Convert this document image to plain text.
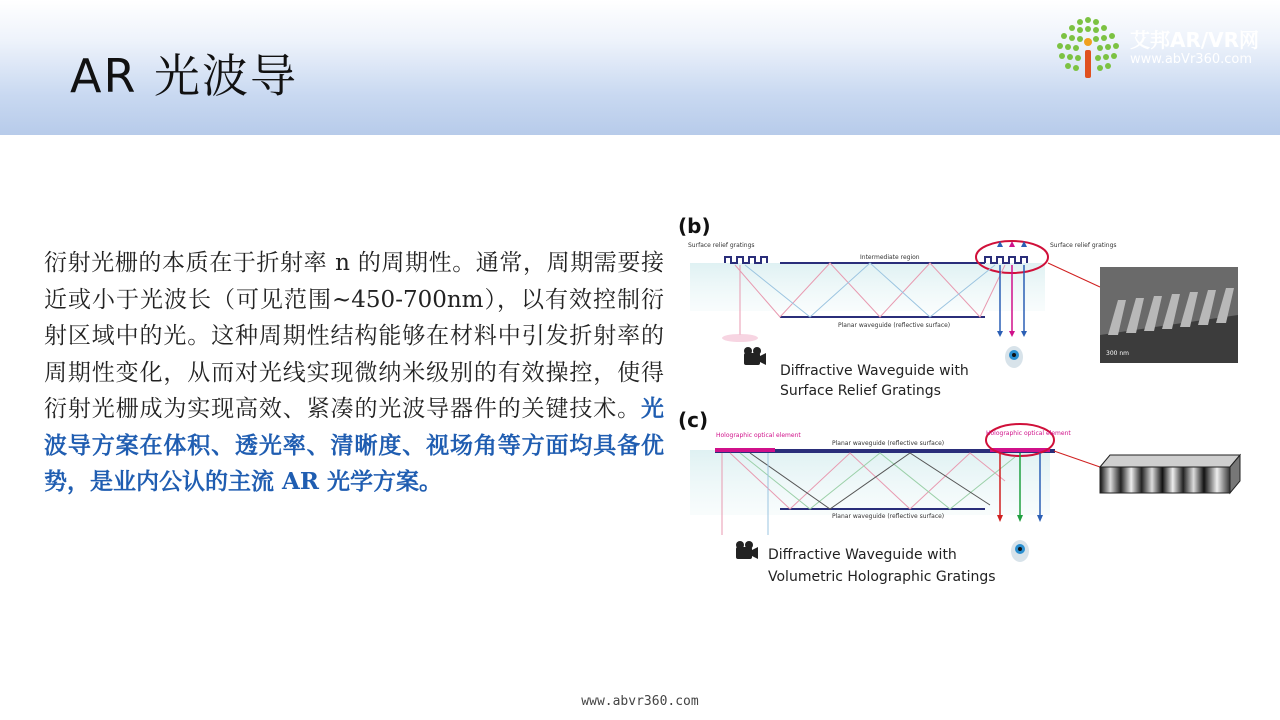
AR 光波导
艾邦AR/VR网
www.abVr360.com
衍射光栅的本质在于折射率 n 的周期性。通常，周期需要接近或小于光波长（可见范围~450-700nm），以有效控制衍射区域中的光。这种周期性结构能够在材料中引发折射率的周期性变化，从而对光线实现微纳米级别的有效操控，使得衍射光栅成为实现高效、紧凑的光波导器件的关键技术。光波导方案在体积、透光率、清晰度、视场角等方面均具备优势，是业内公认的主流 AR 光学方案。
(b)
Surface relief gratings	Surface relief gratings
Intermediate region
Planar waveguide (reflective surface)
Diffractive Waveguide with
Surface Relief Gratings
300 nm
(c)
Holographic optical element	Holographic optical element
Planar waveguide (reflective surface)
Planar waveguide (reflective surface)
Diffractive Waveguide with
Volumetric Holographic Gratings
www.abvr360.com
